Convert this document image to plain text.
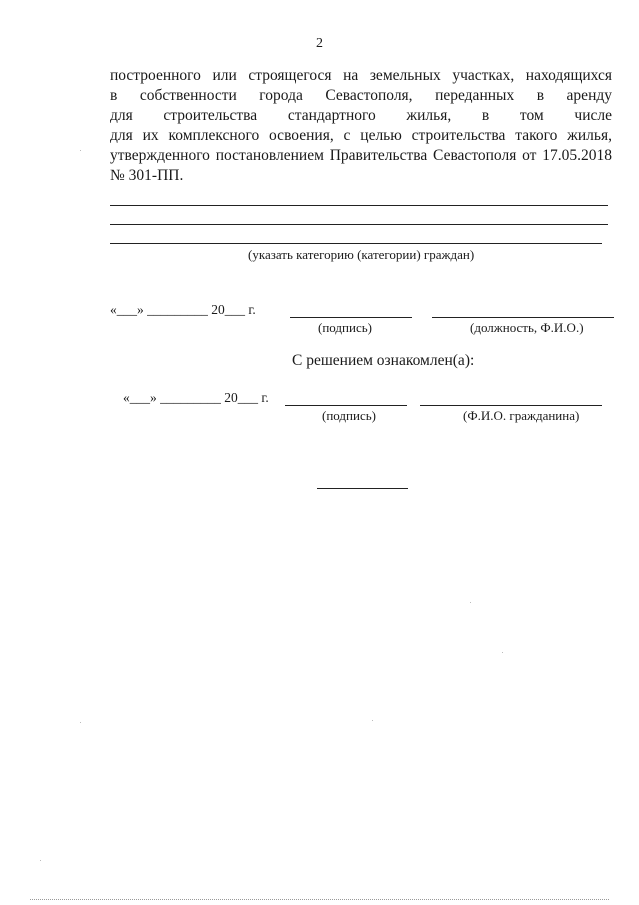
2
построенного или строящегося на земельных участках, находящихся
в собственности города Севастополя, переданных в аренду
для строительства стандартного жилья, в том числе
для их комплексного освоения, с целью строительства такого жилья,
утвержденного постановлением Правительства Севастополя от 17.05.2018
№ 301-ПП.
(указать категорию (категории) граждан)
«___» _________ 20___ г.
(подпись)	(должность, Ф.И.О.)
С решением ознакомлен(а):
«___» _________ 20___ г.
(подпись)	(Ф.И.О. гражданина)
